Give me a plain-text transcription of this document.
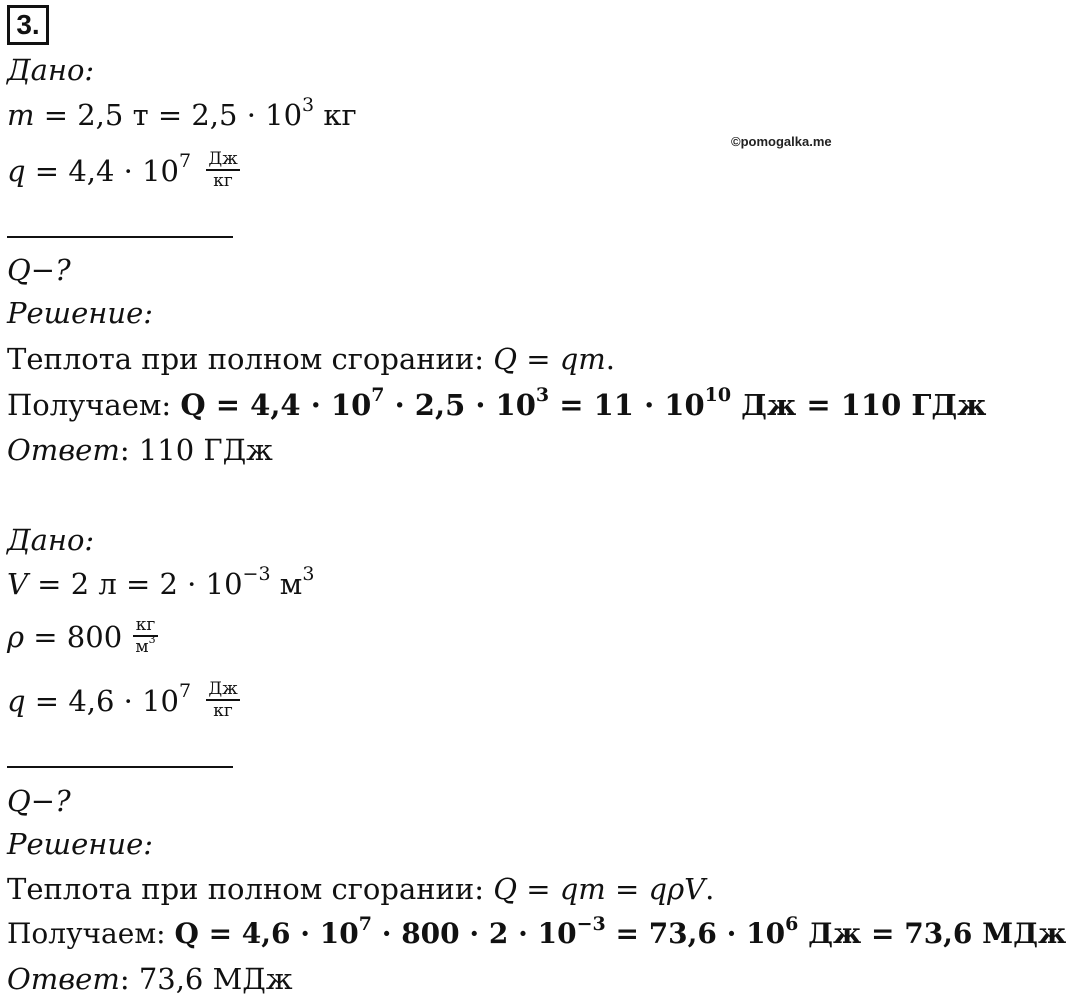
3.
©pomogalka.me
Дано:
m = 2,5 $т = 2,5 \cdot 10^3$ кг
$q = 4,4 \cdot 10^7 \frac{Дж}{кг}$
Q−?
Решение:
Теплота при полном сгорании: Q = qm.
Получаем: $Q = 4,4 \cdot 10^7 \cdot 2,5 \cdot 10^3 = 11 \cdot 10^{10}$ Дж = 110 ГДж
Ответ: 110 ГДж
Дано:
V = 2 $л = 2 \cdot 10^{-3}$ $м^3$
$\rho = 800 \frac{кг}{м^3}$
$q = 4,6 \cdot 10^7 \frac{Дж}{кг}$
Q−?
Решение:
Теплота при полном сгорании: Q = qm = qρV.
Получаем: $Q = 4,6 \cdot 10^7 \cdot 800 \cdot 2 \cdot 10^{-3} = 73,6 \cdot 10^6$ Дж = 73,6 МДж
Ответ: 73,6 МДж
